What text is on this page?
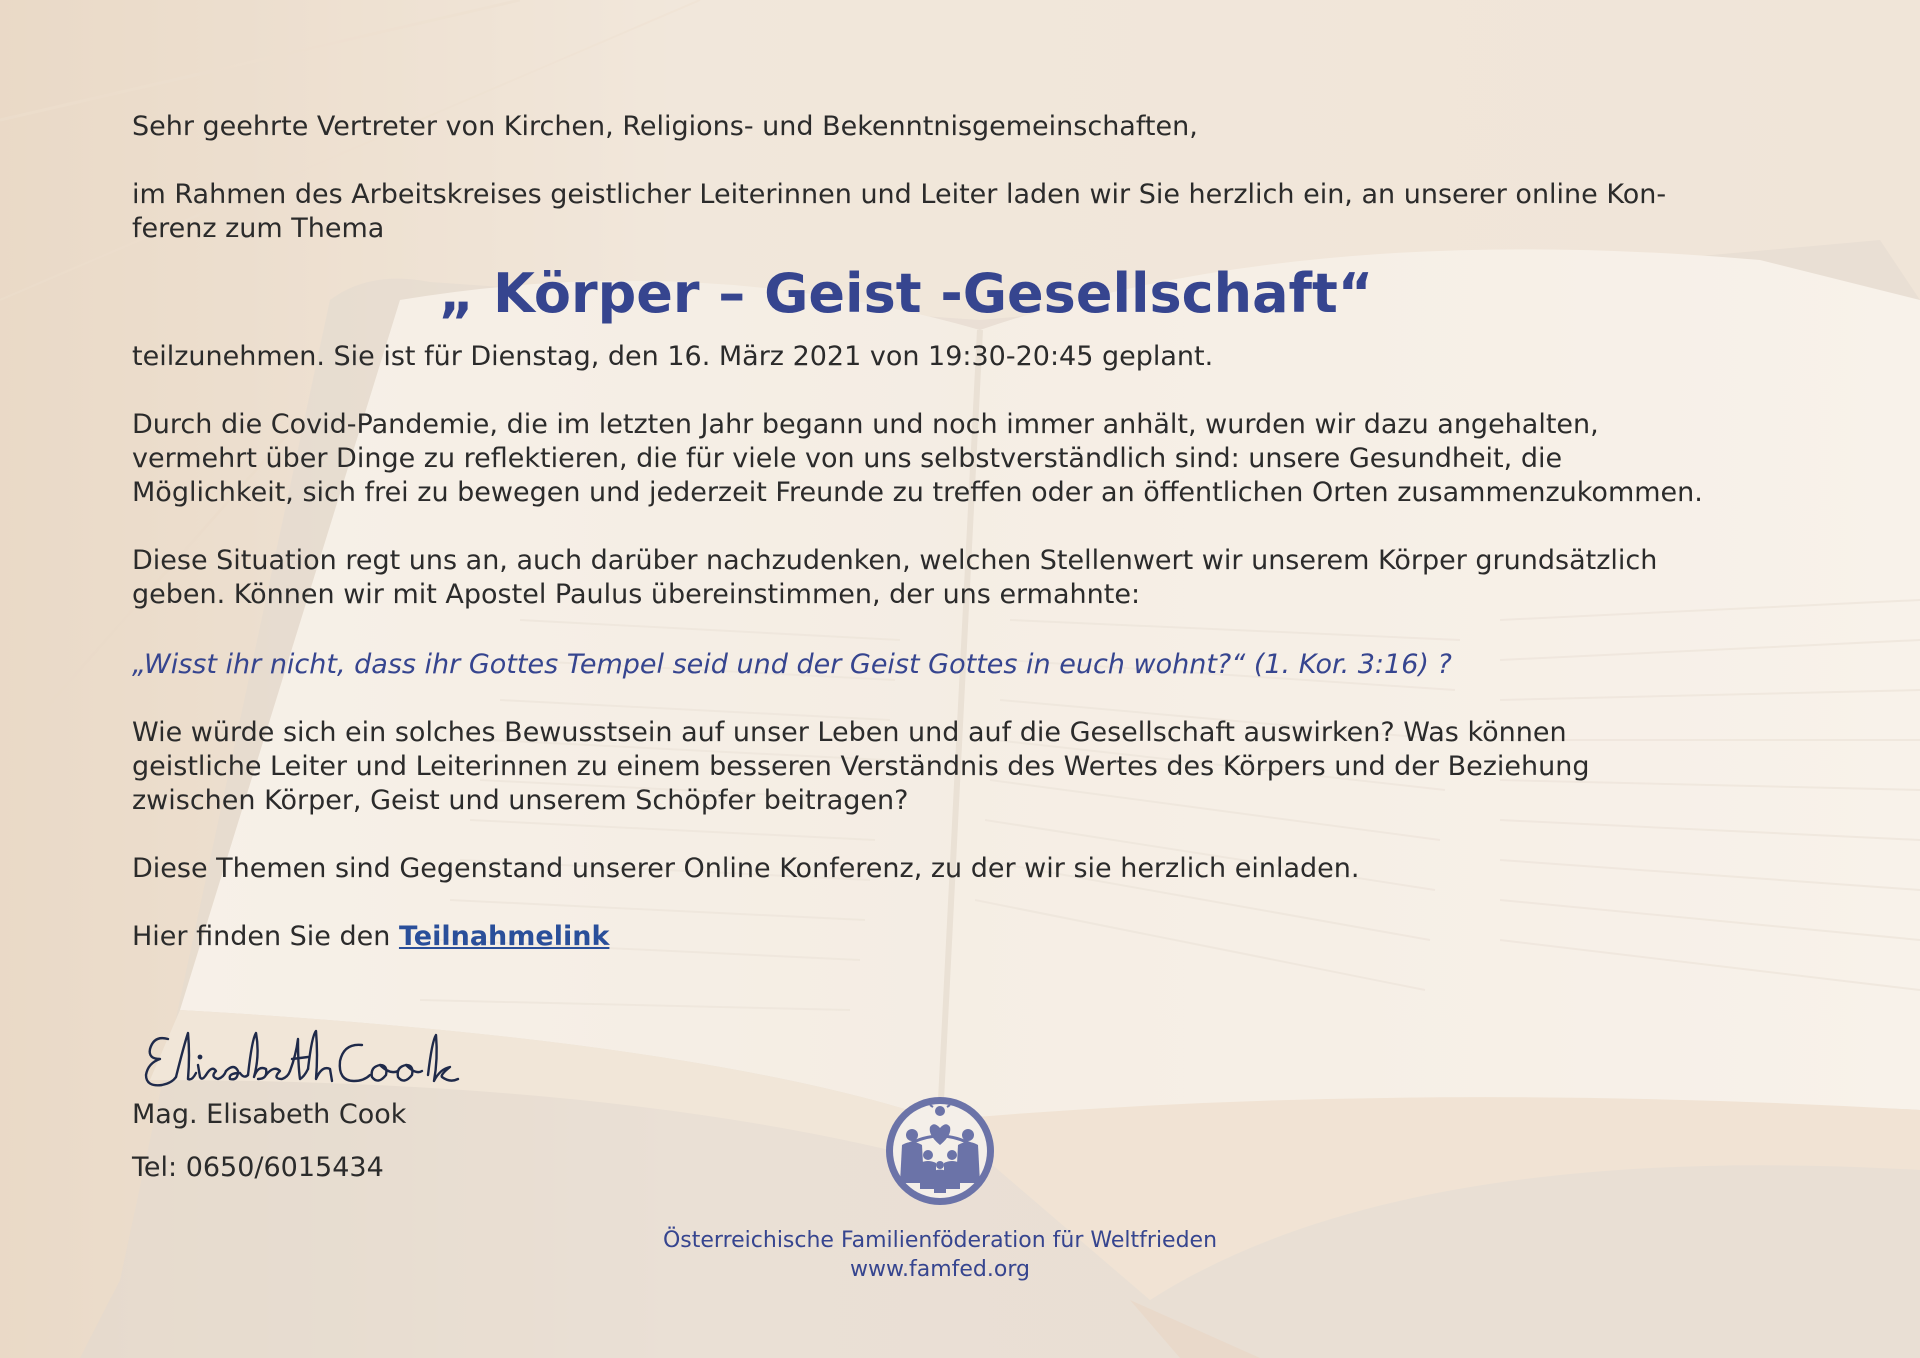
Sehr geehrte Vertreter von Kirchen, Religions- und Bekenntnisgemeinschaften,

im Rahmen des Arbeitskreises geistlicher Leiterinnen und Leiter laden wir Sie herzlich ein, an unserer online Kon-
ferenz zum Thema

„ Körper – Geist -Gesellschaft“

teilzunehmen. Sie ist für Dienstag, den 16. März 2021 von 19:30-20:45 geplant.

Durch die Covid-Pandemie, die im letzten Jahr begann und noch immer anhält, wurden wir dazu angehalten,
vermehrt über Dinge zu reflektieren, die für viele von uns selbstverständlich sind: unsere Gesundheit, die
Möglichkeit, sich frei zu bewegen und jederzeit Freunde zu treffen oder an öffentlichen Orten zusammenzukommen.

Diese Situation regt uns an, auch darüber nachzudenken, welchen Stellenwert wir unserem Körper grundsätzlich
geben. Können wir mit Apostel Paulus übereinstimmen, der uns ermahnte:

„Wisst ihr nicht, dass ihr Gottes Tempel seid und der Geist Gottes in euch wohnt?“ (1. Kor. 3:16) ?

Wie würde sich ein solches Bewusstsein auf unser Leben und auf die Gesellschaft auswirken? Was können
geistliche Leiter und Leiterinnen zu einem besseren Verständnis des Wertes des Körpers und der Beziehung
zwischen Körper, Geist und unserem Schöpfer beitragen?

Diese Themen sind Gegenstand unserer Online Konferenz, zu der wir sie herzlich einladen.

Hier finden Sie den Teilnahmelink

Mag. Elisabeth Cook
Tel: 0650/6015434
Österreichische Familienföderation für Weltfrieden
www.famfed.org
